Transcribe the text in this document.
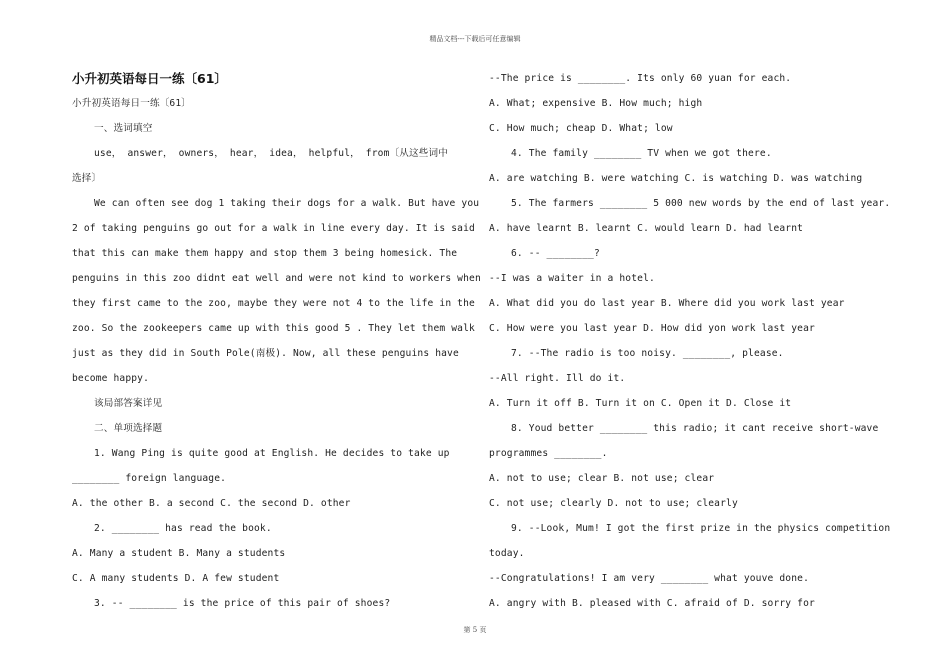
精品文档---下载后可任意编辑
小升初英语每日一练〔61〕
小升初英语每日一练〔61〕
一、选词填空
use， answer， owners， hear， idea， helpful， from〔从这些词中
选择〕
We can often see dog 1 taking their dogs for a walk. But have you
2 of taking penguins go out for a walk in line every day. It is said
that this can make them happy and stop them 3 being homesick. The
penguins in this zoo didnt eat well and were not kind to workers when
they first came to the zoo, maybe they were not 4 to the life in the
zoo. So the zookeepers came up with this good 5 . They let them walk
just as they did in South Pole(南极). Now, all these penguins have
become happy.
该局部答案详见
二、单项选择题
1. Wang Ping is quite good at English. He decides to take up
________ foreign language.
A. the other B. a second C. the second D. other
2. ________ has read the book.
A. Many a student B. Many a students
C. A many students D. A few student
3. -- ________ is the price of this pair of shoes?
--The price is ________. Its only 60 yuan for each.
A. What; expensive B. How much; high
C. How much; cheap D. What; low
4. The family ________ TV when we got there.
A. are watching B. were watching C. is watching D. was watching
5. The farmers ________ 5 000 new words by the end of last year.
A. have learnt B. learnt C. would learn D. had learnt
6. -- ________?
--I was a waiter in a hotel.
A. What did you do last year B. Where did you work last year
C. How were you last year D. How did yon work last year
7. --The radio is too noisy. ________, please.
--All right. Ill do it.
A. Turn it off B. Turn it on C. Open it D. Close it
8. Youd better ________ this radio; it cant receive short-wave
programmes ________.
A. not to use; clear B. not use; clear
C. not use; clearly D. not to use; clearly
9. --Look, Mum! I got the first prize in the physics competition
today.
--Congratulations! I am very ________ what youve done.
A. angry with B. pleased with C. afraid of D. sorry for
第 5 页
